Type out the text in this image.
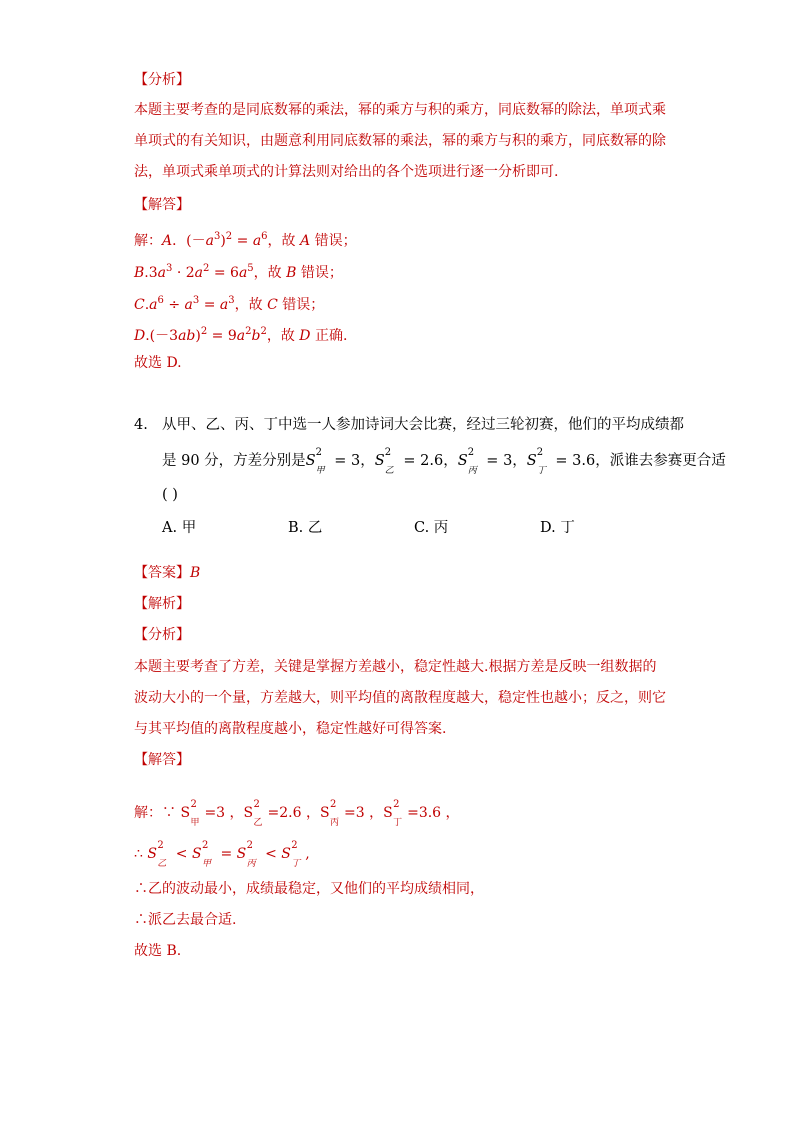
【分析】
本题主要考查的是同底数幂的乘法，幂的乘方与积的乘方，同底数幂的除法，单项式乘
单项式的有关知识，由题意利用同底数幂的乘法，幂的乘方与积的乘方，同底数幂的除
法，单项式乘单项式的计算法则对给出的各个选项进行逐一分析即可.
【解答】
解：A．$(-a^3)^2 = a^6$，故 A 错误；
$B.3a^3 \cdot 2a^2 = 6a^5$，故 B 错误；
$C.a^6 \div a^3 = a^3$，故 C 错误；
$D.(-3ab)^2 = 9a^2b^2$，故 D 正确.
故选 D.
4. 从甲、乙、丙、丁中选一人参加诗词大会比赛，经过三轮初赛，他们的平均成绩都
是 90 分，方差分别是S
2
甲
= 3，S
2
乙
= 2.6，S
2
丙
= 3，S
2
丁
= 3.6，派谁去参赛更合适
( )
A. 甲	B. 乙	C. 丙	D. 丁
【答案】B
【解析】
【分析】
本题主要考查了方差，关键是掌握方差越小，稳定性越大.根据方差是反映一组数据的
波动大小的一个量，方差越大，则平均值的离散程度越大，稳定性也越小；反之，则它
与其平均值的离散程度越小，稳定性越好可得答案.
【解答】
解：∵ S
2
甲
=3 ，S
2
乙
=2.6 ，S
2
丙
=3 ，S
2
丁
=3.6 ，
∴ S
2
乙
< S
2
甲
= S
2
丙
< S
2
丁
,
∴乙的波动最小，成绩最稳定，又他们的平均成绩相同，
∴派乙去最合适.
故选 B.
